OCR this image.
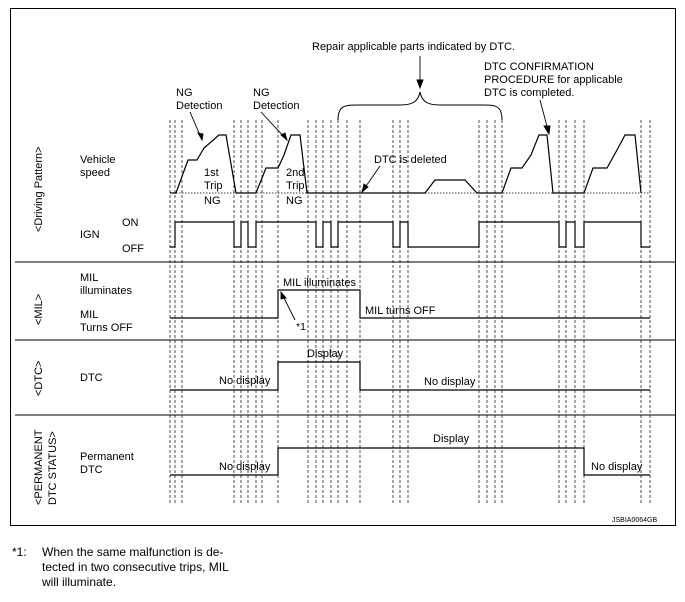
Repair applicable parts indicated by DTC.
DTC CONFIRMATION
PROCEDURE for applicable
DTC is completed.
NG
Detection
NG
Detection
1st
Trip
NG
2nd
Trip
NG
DTC is deleted
Vehicle
speed
IGN
ON
OFF
MIL
illuminates
MIL
Turns OFF
MIL illuminates
MIL turns OFF
*1
DTC
Display
No display	No display
Permanent
DTC
Display
No display	No display
<Driving Pattern>
<MIL>
<DTC>
<PERMANENT DTC STATUS>
JSBIA0064GB
*1: When the same malfunction is de-
tected in two consecutive trips, MIL
will illuminate.
